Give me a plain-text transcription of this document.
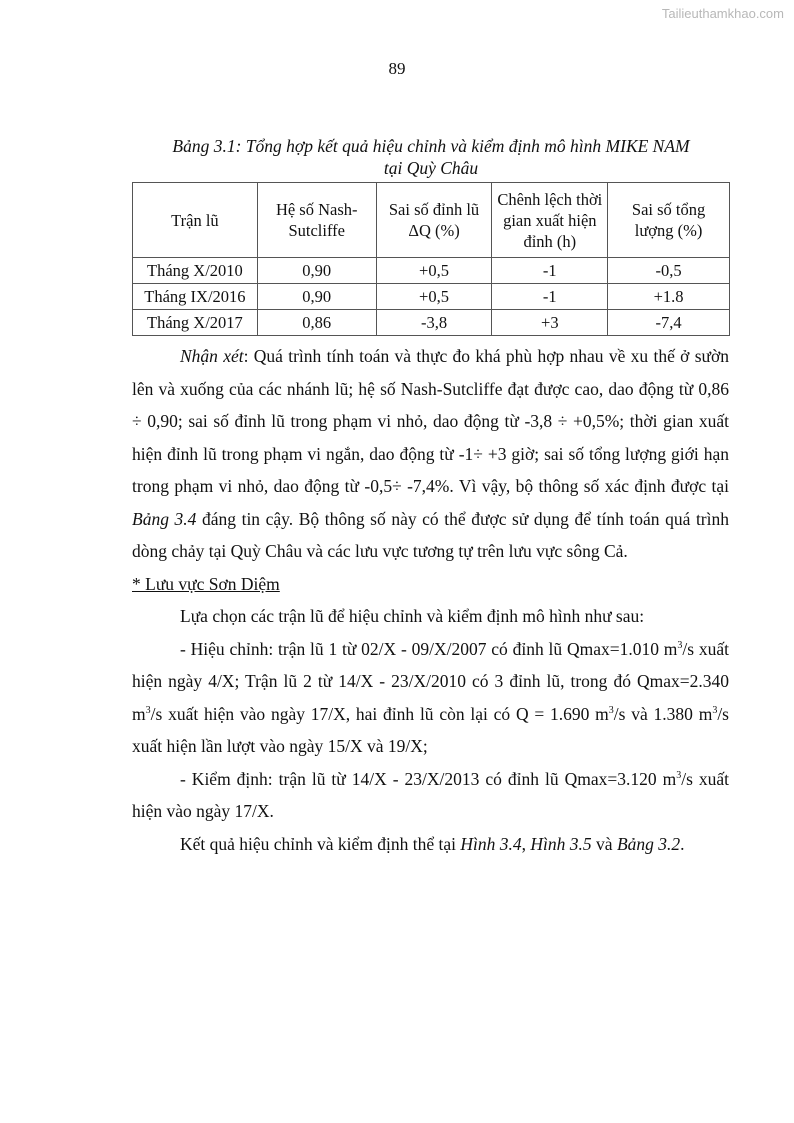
Tailieuthamkhao.com
89
Bảng 3.1: Tổng hợp kết quả hiệu chỉnh và kiểm định mô hình MIKE NAM
tại Quỳ Châu
Trận lũ	Hệ số Nash-Sutcliffe	Sai số đỉnh lũ ΔQ (%)	Chênh lệch thời gian xuất hiện đỉnh (h)	Sai số tổng lượng (%)
Tháng X/2010	0,90	+0,5	-1	-0,5
Tháng IX/2016	0,90	+0,5	-1	+1.8
Tháng X/2017	0,86	-3,8	+3	-7,4

Nhận xét: Quá trình tính toán và thực đo khá phù hợp nhau về xu thế ở sườn lên và xuống của các nhánh lũ; hệ số Nash-Sutcliffe đạt được cao, dao động từ 0,86 ÷ 0,90; sai số đỉnh lũ trong phạm vi nhỏ, dao động từ -3,8 ÷ +0,5%; thời gian xuất hiện đỉnh lũ trong phạm vi ngắn, dao động từ -1÷ +3 giờ; sai số tổng lượng giới hạn trong phạm vi nhỏ, dao động từ -0,5÷ -7,4%. Vì vậy, bộ thông số xác định được tại Bảng 3.4 đáng tin cậy. Bộ thông số này có thể được sử dụng để tính toán quá trình dòng chảy tại Quỳ Châu và các lưu vực tương tự trên lưu vực sông Cả.

* Lưu vực Sơn Diệm

Lựa chọn các trận lũ để hiệu chỉnh và kiểm định mô hình như sau:

- Hiệu chỉnh: trận lũ 1 từ 02/X - 09/X/2007 có đỉnh lũ Qmax=1.010 $m^3/s$ xuất hiện ngày 4/X; Trận lũ 2 từ 14/X - 23/X/2010 có 3 đỉnh lũ, trong đó Qmax=2.340 $m^3/s$ xuất hiện vào ngày 17/X, hai đỉnh lũ còn lại có Q = 1.690 $m^3/s$ và 1.380 $m^3/s$ xuất hiện lần lượt vào ngày 15/X và 19/X;

- Kiểm định: trận lũ từ 14/X - 23/X/2013 có đỉnh lũ Qmax=3.120 $m^3/s$ xuất hiện vào ngày 17/X.

Kết quả hiệu chỉnh và kiểm định thể tại Hình 3.4, Hình 3.5 và Bảng 3.2.
